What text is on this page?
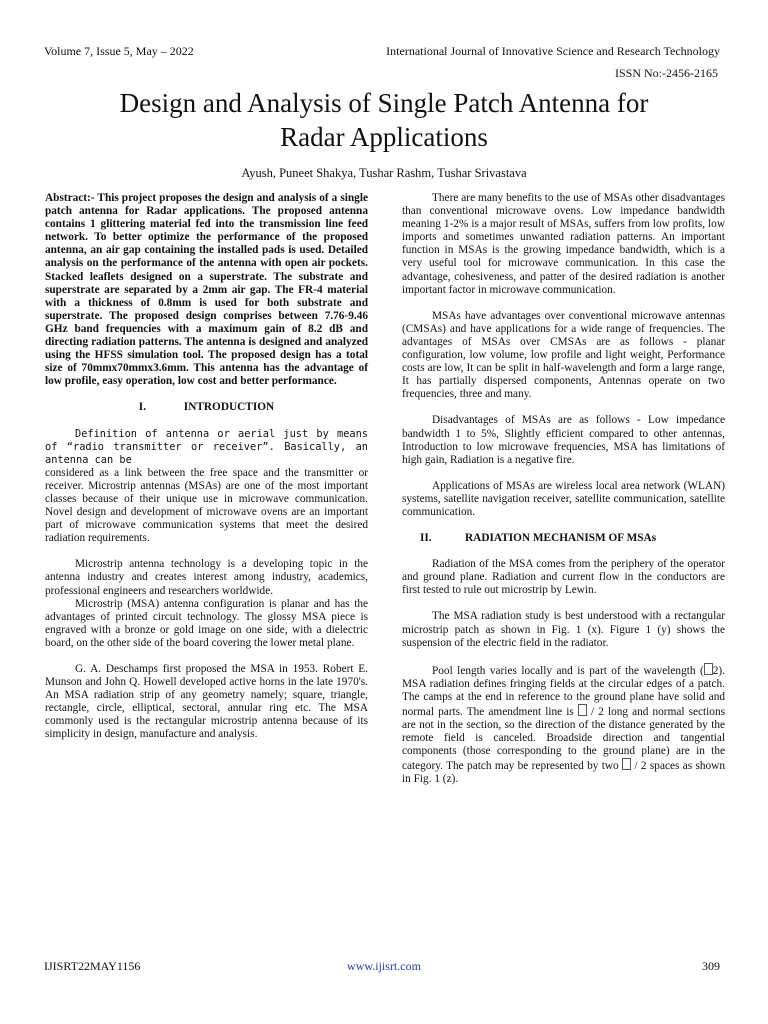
Volume 7, Issue 5, May – 2022	International Journal of Innovative Science and Research Technology
ISSN No:-2456-2165
Design and Analysis of Single Patch Antenna for
Radar Applications
Ayush, Puneet Shakya, Tushar Rashm, Tushar Srivastava

Abstract:- This project proposes the design and analysis of a single patch antenna for Radar applications. The proposed antenna contains 1 glittering material fed into the transmission line feed network. To better optimize the performance of the proposed antenna, an air gap containing the installed pads is used. Detailed analysis on the performance of the antenna with open air pockets. Stacked leaflets designed on a superstrate. The substrate and superstrate are separated by a 2mm air gap. The FR-4 material with a thickness of 0.8mm is used for both substrate and superstrate. The proposed design comprises between 7.76-9.46 GHz band frequencies with a maximum gain of 8.2 dB and directing radiation patterns. The antenna is designed and analyzed using the HFSS simulation tool. The proposed design has a total size of 70mmx70mmx3.6mm. This antenna has the advantage of low profile, easy operation, low cost and better performance.

I.	INTRODUCTION

Definition of antenna or aerial just by means of “radio transmitter or receiver”. Basically, an antenna can be

considered as a link between the free space and the transmitter or receiver. Microstrip antennas (MSAs) are one of the most important classes because of their unique use in microwave communication. Novel design and development of microwave ovens are an important part of microwave communication systems that meet the desired radiation requirements.

Microstrip antenna technology is a developing topic in the antenna industry and creates interest among industry, academics, professional engineers and researchers worldwide.

Microstrip (MSA) antenna configuration is planar and has the advantages of printed circuit technology. The glossy MSA piece is engraved with a bronze or gold image on one side, with a dielectric board, on the other side of the board covering the lower metal plane.

G. A. Deschamps first proposed the MSA in 1953. Robert E. Munson and John Q. Howell developed active horns in the late 1970's. An MSA radiation strip of any geometry namely; square, triangle, rectangle, circle, elliptical, sectoral, annular ring etc. The MSA commonly used is the rectangular microstrip antenna because of its simplicity in design, manufacture and analysis.

There are many benefits to the use of MSAs other disadvantages than conventional microwave ovens. Low impedance bandwidth meaning 1-2% is a major result of MSAs, suffers from low profits, low imports and sometimes unwanted radiation patterns. An important function in MSAs is the growing impedance bandwidth, which is a very useful tool for microwave communication. In this case the advantage, cohesiveness, and patter of the desired radiation is another important factor in microwave communication.

MSAs have advantages over conventional microwave antennas (CMSAs) and have applications for a wide range of frequencies. The advantages of MSAs over CMSAs are as follows - planar configuration, low volume, low profile and light weight, Performance costs are low, It can be split in half-wavelength and form a large range, It has partially dispersed components, Antennas operate on two frequencies, three and many.

Disadvantages of MSAs are as follows - Low impedance bandwidth 1 to 5%, Slightly efficient compared to other antennas, Introduction to low microwave frequencies, MSA has limitations of high gain, Radiation is a negative fire.

Applications of MSAs are wireless local area network (WLAN) systems, satellite navigation receiver, satellite communication, satellite communication.

II.	RADIATION MECHANISM OF MSAs

Radiation of the MSA comes from the periphery of the operator and ground plane. Radiation and current flow in the conductors are first tested to rule out microstrip by Lewin.

The MSA radiation study is best understood with a rectangular microstrip patch as shown in Fig. 1 (x). Figure 1 (y) shows the suspension of the electric field in the radiator.

Pool length varies locally and is part of the wavelength ( 2). MSA radiation defines fringing fields at the circular edges of a patch. The camps at the end in reference to the ground plane have solid and normal parts. The amendment line is  / 2 long and normal sections are not in the section, so the direction of the distance generated by the remote field is canceled. Broadside direction and tangential components (those corresponding to the ground plane) are in the category. The patch may be represented by two  / 2 spaces as shown in Fig. 1 (z).

IJISRT22MAY1156	www.ijisrt.com	309
